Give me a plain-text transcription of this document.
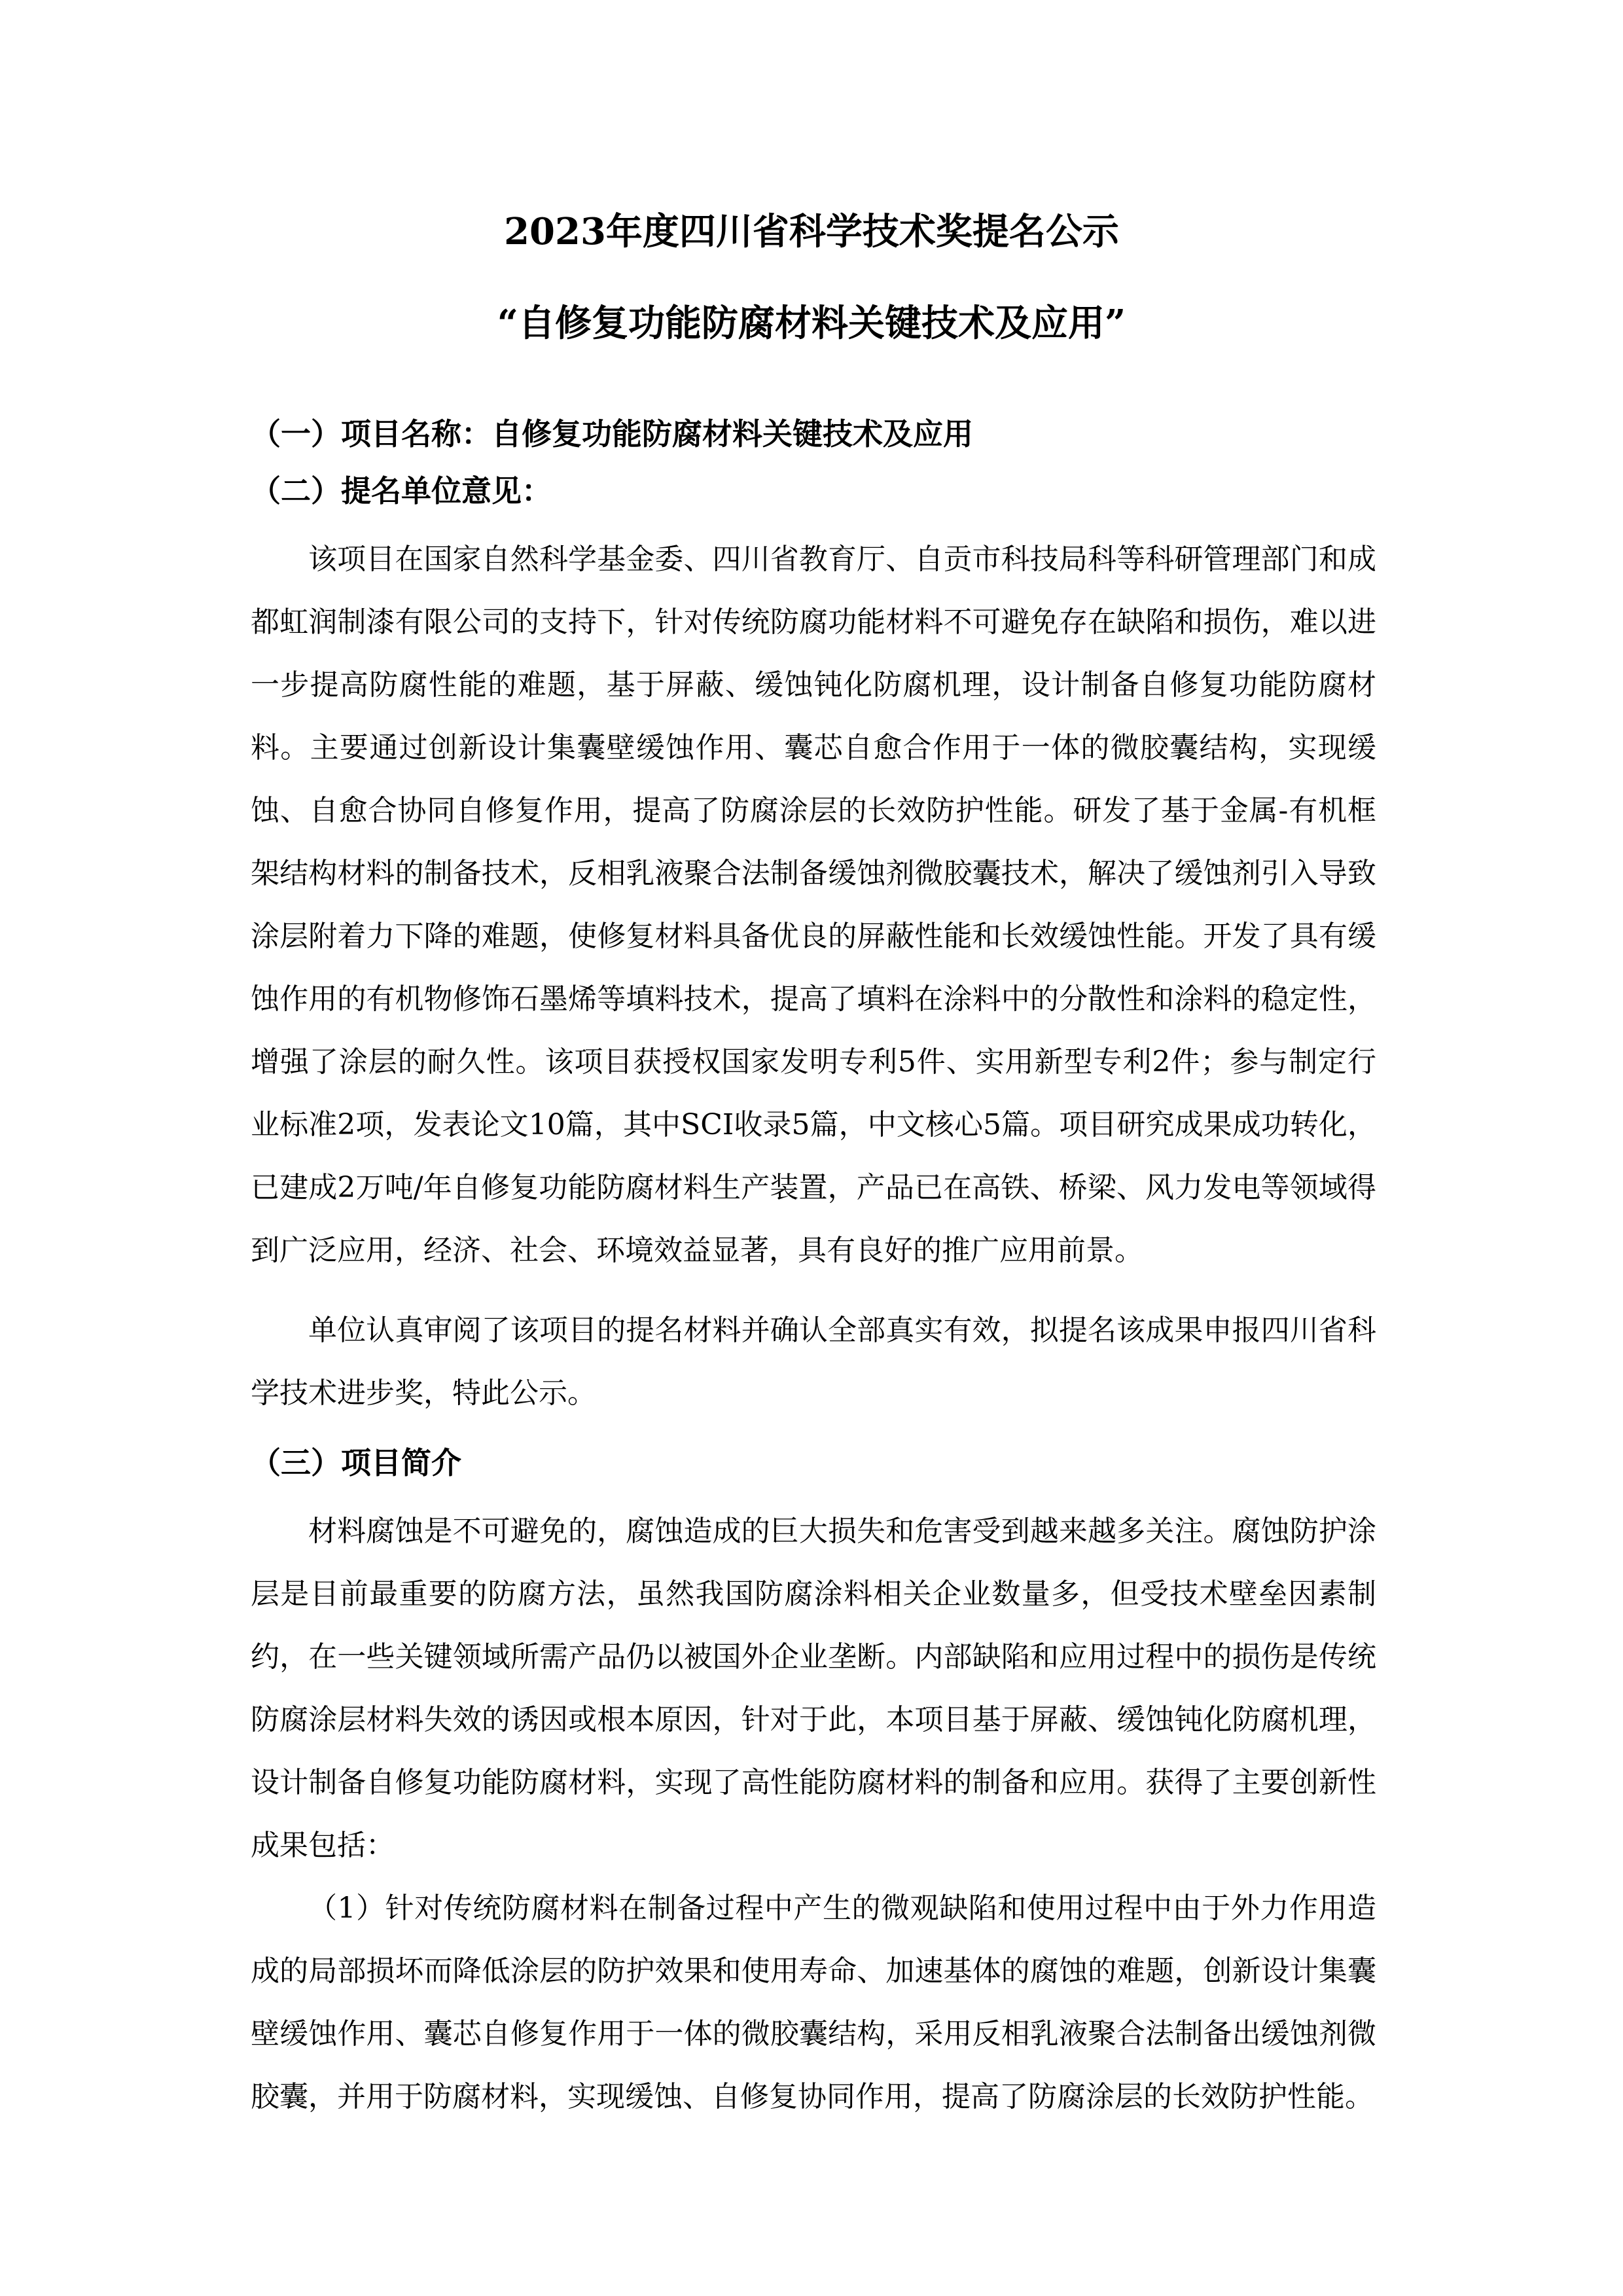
2023年度四川省科学技术奖提名公示
“自修复功能防腐材料关键技术及应用”
（一）项目名称：自修复功能防腐材料关键技术及应用
（二）提名单位意见：

该项目在国家自然科学基金委、四川省教育厅、自贡市科技局科等科研管理部门和成都虹润制漆有限公司的支持下，针对传统防腐功能材料不可避免存在缺陷和损伤，难以进一步提高防腐性能的难题，基于屏蔽、缓蚀钝化防腐机理，设计制备自修复功能防腐材料。主要通过创新设计集囊壁缓蚀作用、囊芯自愈合作用于一体的微胶囊结构，实现缓蚀、自愈合协同自修复作用，提高了防腐涂层的长效防护性能。研发了基于金属-有机框架结构材料的制备技术，反相乳液聚合法制备缓蚀剂微胶囊技术，解决了缓蚀剂引入导致涂层附着力下降的难题，使修复材料具备优良的屏蔽性能和长效缓蚀性能。开发了具有缓蚀作用的有机物修饰石墨烯等填料技术，提高了填料在涂料中的分散性和涂料的稳定性，增强了涂层的耐久性。该项目获授权国家发明专利5件、实用新型专利2件；参与制定行业标准2项，发表论文10篇，其中SCI收录5篇，中文核心5篇。项目研究成果成功转化，已建成2万吨/年自修复功能防腐材料生产装置，产品已在高铁、桥梁、风力发电等领域得到广泛应用，经济、社会、环境效益显著，具有良好的推广应用前景。

单位认真审阅了该项目的提名材料并确认全部真实有效，拟提名该成果申报四川省科学技术进步奖，特此公示。

（三）项目简介

材料腐蚀是不可避免的，腐蚀造成的巨大损失和危害受到越来越多关注。腐蚀防护涂层是目前最重要的防腐方法，虽然我国防腐涂料相关企业数量多，但受技术壁垒因素制约，在一些关键领域所需产品仍以被国外企业垄断。内部缺陷和应用过程中的损伤是传统防腐涂层材料失效的诱因或根本原因，针对于此，本项目基于屏蔽、缓蚀钝化防腐机理，设计制备自修复功能防腐材料，实现了高性能防腐材料的制备和应用。获得了主要创新性成果包括：

（1）针对传统防腐材料在制备过程中产生的微观缺陷和使用过程中由于外力作用造成的局部损坏而降低涂层的防护效果和使用寿命、加速基体的腐蚀的难题，创新设计集囊壁缓蚀作用、囊芯自修复作用于一体的微胶囊结构，采用反相乳液聚合法制备出缓蚀剂微胶囊，并用于防腐材料，实现缓蚀、自修复协同作用，提高了防腐涂层的长效防护性能。
